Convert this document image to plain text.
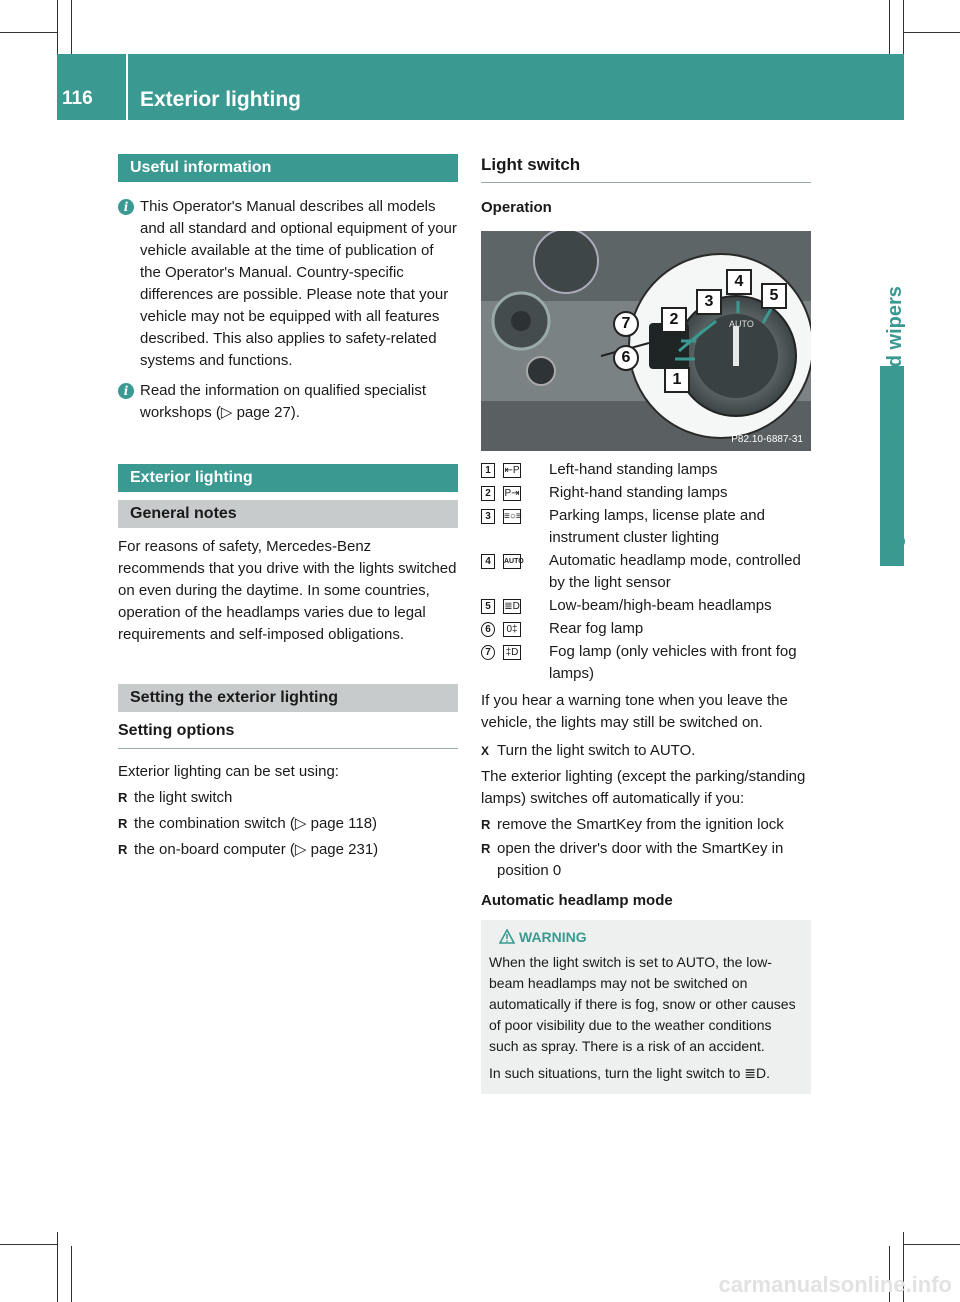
116 Exterior lighting
Lights and windshield wipers
Useful information

i This Operator's Manual describes all models and all standard and optional equipment of your vehicle available at the time of publication of the Operator's Manual. Country-specific differences are possible. Please note that your vehicle may not be equipped with all features described. This also applies to safety-related systems and functions.

i Read the information on qualified specialist workshops (▷ page 27).

Exterior lighting
General notes

For reasons of safety, Mercedes-Benz recommends that you drive with the lights switched on even during the daytime. In some countries, operation of the headlamps varies due to legal requirements and self-imposed obligations.

Setting the exterior lighting
Setting options

Exterior lighting can be set using:

R the light switch

R the combination switch (▷ page 118)

R the on-board computer (▷ page 231)

Light switch

Operation

AUTO
4
3	5
2
7
6
1
P82.10-6887-31
1	⇤P Left-hand standing lamps
2	P⇥ Right-hand standing lamps
3	≡○≡ Parking lamps, license plate and instrument cluster lighting
4	AUTO Automatic headlamp mode, controlled by the light sensor
5	≣D Low-beam/high-beam headlamps
6	0‡ Rear fog lamp
7	‡D Fog lamp (only vehicles with front fog lamps)

If you hear a warning tone when you leave the vehicle, the lights may still be switched on.

X Turn the light switch to AUTO.

The exterior lighting (except the parking/standing lamps) switches off automatically if you:

R remove the SmartKey from the ignition lock

R open the driver's door with the SmartKey in position 0

Automatic headlamp mode

WARNING

When the light switch is set to AUTO, the low-beam headlamps may not be switched on automatically if there is fog, snow or other causes of poor visibility due to the weather conditions such as spray. There is a risk of an accident.

In such situations, turn the light switch to ≣D.

carmanualsonline.info
